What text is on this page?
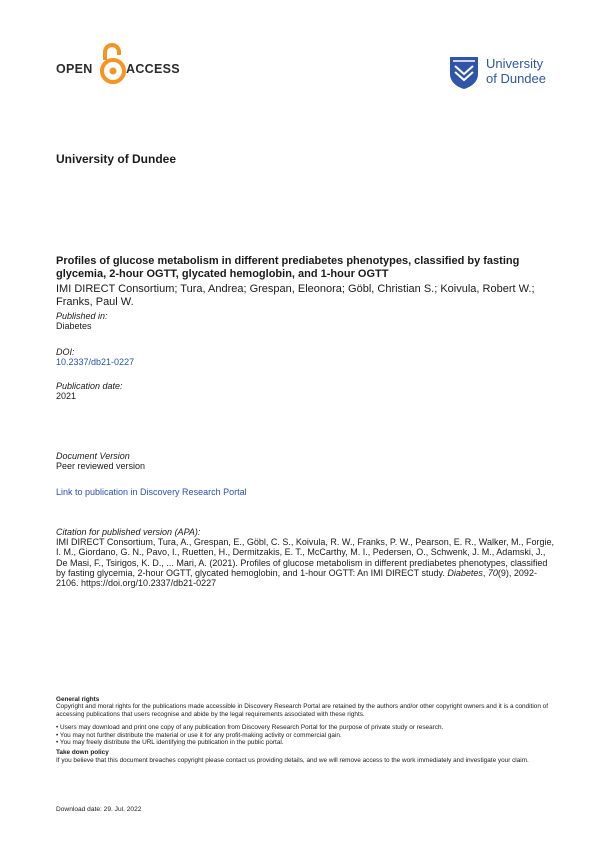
OPEN	ACCESS	University
of Dundee
University of Dundee
Profiles of glucose metabolism in different prediabetes phenotypes, classified by fasting glycemia, 2-hour OGTT, glycated hemoglobin, and 1-hour OGTT
IMI DIRECT Consortium; Tura, Andrea; Grespan, Eleonora; Göbl, Christian S.; Koivula, Robert W.; Franks, Paul W.
Published in:
Diabetes
DOI:
10.2337/db21-0227
Publication date:
2021
Document Version
Peer reviewed version
Link to publication in Discovery Research Portal
Citation for published version (APA):
IMI DIRECT Consortium, Tura, A., Grespan, E., Göbl, C. S., Koivula, R. W., Franks, P. W., Pearson, E. R., Walker, M., Forgie, I. M., Giordano, G. N., Pavo, I., Ruetten, H., Dermitzakis, E. T., McCarthy, M. I., Pedersen, O., Schwenk, J. M., Adamski, J., De Masi, F., Tsirigos, K. D., ... Mari, A. (2021). Profiles of glucose metabolism in different prediabetes phenotypes, classified by fasting glycemia, 2-hour OGTT, glycated hemoglobin, and 1-hour OGTT: An IMI DIRECT study. Diabetes, 70(9), 2092-2106. https://doi.org/10.2337/db21-0227

General rights

Copyright and moral rights for the publications made accessible in Discovery Research Portal are retained by the authors and/or other copyright owners and it is a condition of accessing publications that users recognise and abide by the legal requirements associated with these rights.

• Users may download and print one copy of any publication from Discovery Research Portal for the purpose of private study or research.

• You may not further distribute the material or use it for any profit-making activity or commercial gain.

• You may freely distribute the URL identifying the publication in the public portal.

Take down policy

If you believe that this document breaches copyright please contact us providing details, and we will remove access to the work immediately and investigate your claim.

Download date: 29. Jul. 2022
